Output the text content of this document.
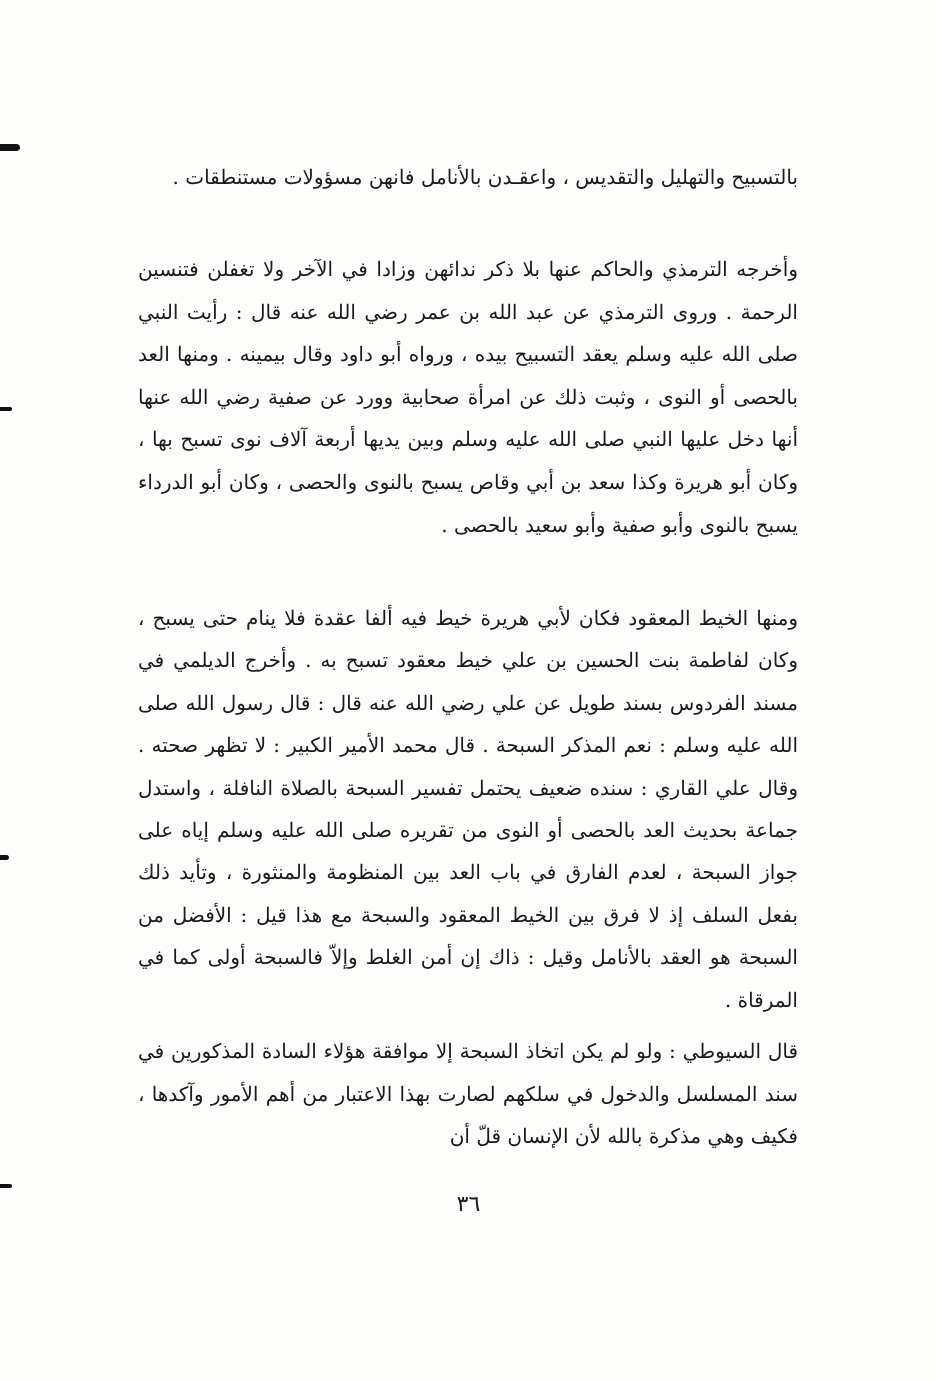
بالتسبيح والتهليل والتقديس ، واعقـدن بالأنامل فانهن مسؤولات مستنطقات .

وأخرجه الترمذي والحاكم عنها بلا ذكر ندائهن وزادا في الآخر ولا تغفلن فتنسين الرحمة . وروى الترمذي عن عبد الله بن عمر رضي الله عنه قال : رأيت النبي صلى الله عليه وسلم يعقد التسبيح بيده ، ورواه أبو داود وقال بيمينه . ومنها العد بالحصى أو النوى ، وثبت ذلك عن امرأة صحابية وورد عن صفية رضي الله عنها أنها دخل عليها النبي صلى الله عليه وسلم وبين يديها أربعة آلاف نوى تسبح بها ، وكان أبو هريرة وكذا سعد بن أبي وقاص يسبح بالنوى والحصى ، وكان أبو الدرداء يسبح بالنوى وأبو صفية وأبو سعيد بالحصى .

ومنها الخيط المعقود فكان لأبي هريرة خيط فيه ألفا عقدة فلا ينام حتى يسبح ، وكان لفاطمة بنت الحسين بن علي خيط معقود تسبح به . وأخرج الديلمي في مسند الفردوس بسند طويل عن علي رضي الله عنه قال : قال رسول الله صلى الله عليه وسلم : نعم المذكر السبحة . قال محمد الأمير الكبير : لا تظهر صحته . وقال علي القاري : سنده ضعيف يحتمل تفسير السبحة بالصلاة النافلة ، واستدل جماعة بحديث العد بالحصى أو النوى من تقريره صلى الله عليه وسلم إياه على جواز السبحة ، لعدم الفارق في باب العد بين المنظومة والمنثورة ، وتأيد ذلك بفعل السلف إذ لا فرق بين الخيط المعقود والسبحة مع هذا قيل : الأفضل من السبحة هو العقد بالأنامل وقيل : ذاك إن أمن الغلط وإلاّ فالسبحة أولى كما في المرقاة .

قال السيوطي : ولو لم يكن اتخاذ السبحة إلا موافقة هؤلاء السادة المذكورين في سند المسلسل والدخول في سلكهم لصارت بهذا الاعتبار من أهم الأمور وآكدها ، فكيف وهي مذكرة بالله لأن الإنسان قلّ أن

٣٦
